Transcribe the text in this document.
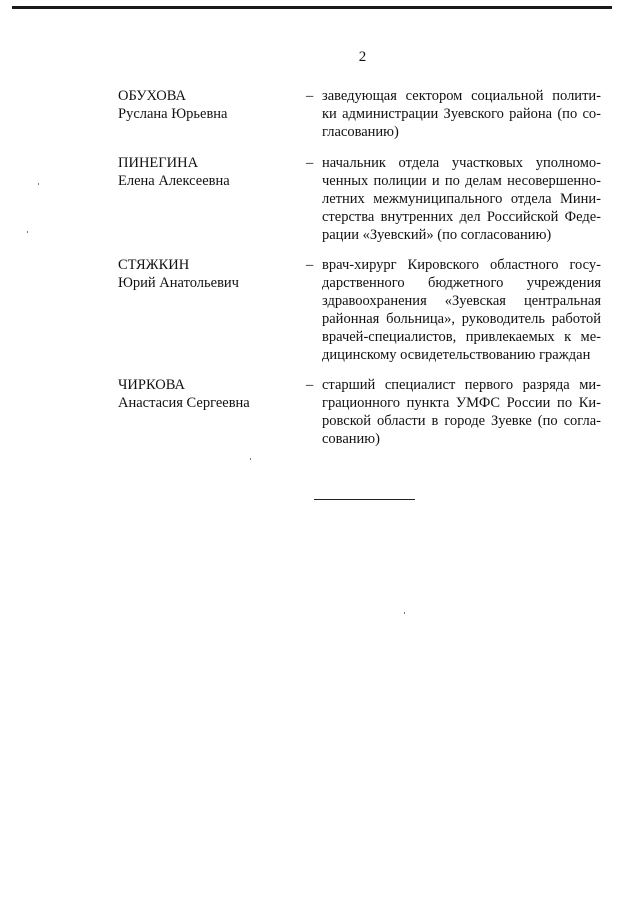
2
ОБУХОВА
Руслана Юрьевна
– заведующая сектором социальной полити-
ки администрации Зуевского района (по со-
гласованию)
ПИНЕГИНА
Елена Алексеевна
– начальник отдела участковых уполномо-
ченных полиции и по делам несовершенно-
летних межмуниципального отдела Мини-
стерства внутренних дел Российской Феде-
рации «Зуевский» (по согласованию)
СТЯЖКИН
Юрий Анатольевич
– врач-хирург Кировского областного госу-
дарственного бюджетного учреждения
здравоохранения «Зуевская центральная
районная больница», руководитель работой
врачей-специалистов, привлекаемых к ме-
дицинскому освидетельствованию граждан
ЧИРКОВА
Анастасия Сергеевна
– старший специалист первого разряда ми-
грационного пункта УМФС России по Ки-
ровской области в городе Зуевке (по согла-
сованию)
